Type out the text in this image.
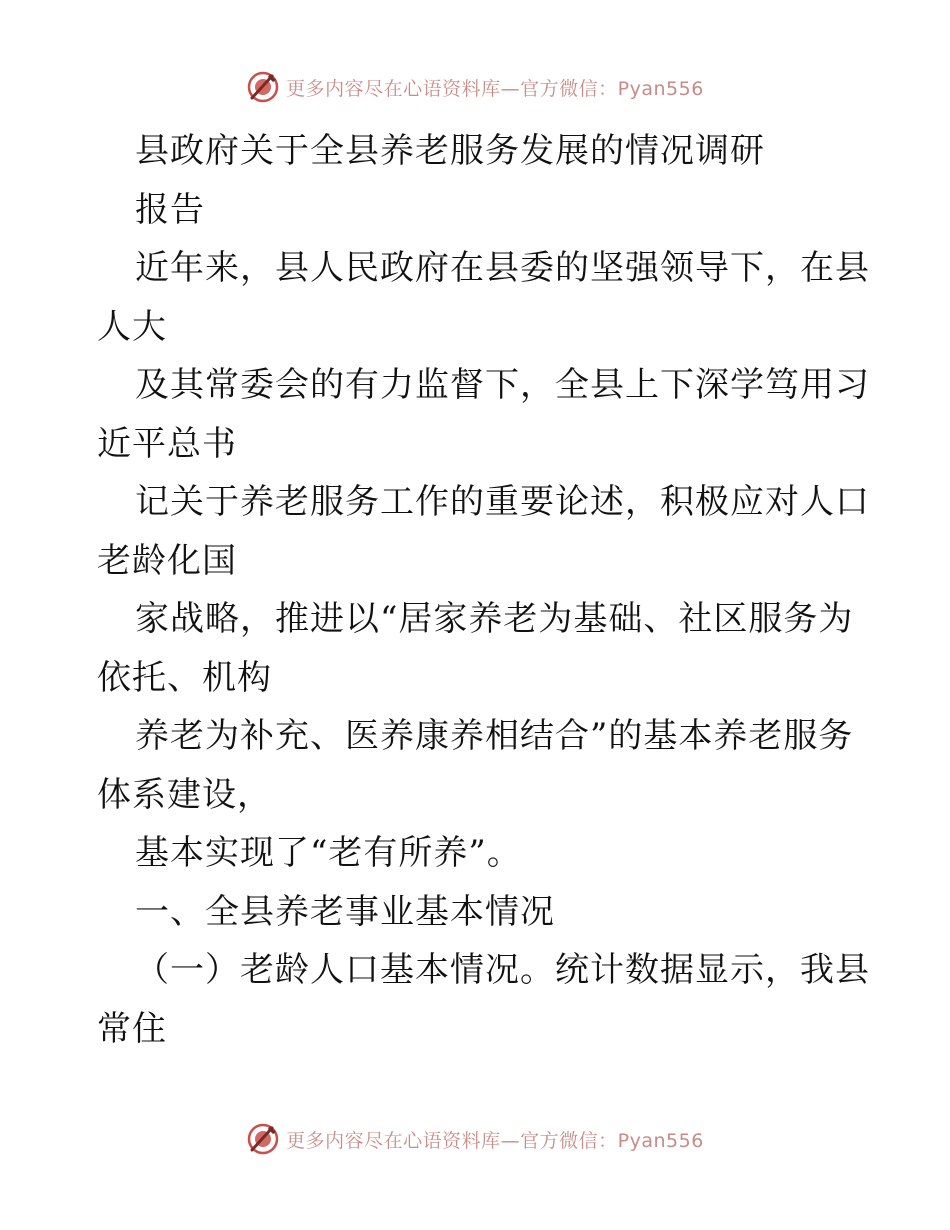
更多内容尽在心语资料库—官方微信：Pyan556
县政府关于全县养老服务发展的情况调研
报告
近年来，县人民政府在县委的坚强领导下，在县
人大
及其常委会的有力监督下，全县上下深学笃用习
近平总书
记关于养老服务工作的重要论述，积极应对人口
老龄化国
家战略，推进以“居家养老为基础、社区服务为
依托、机构
养老为补充、医养康养相结合”的基本养老服务
体系建设，
基本实现了“老有所养”。
一、全县养老事业基本情况
（一）老龄人口基本情况。统计数据显示，我县
常住
更多内容尽在心语资料库—官方微信：Pyan556
